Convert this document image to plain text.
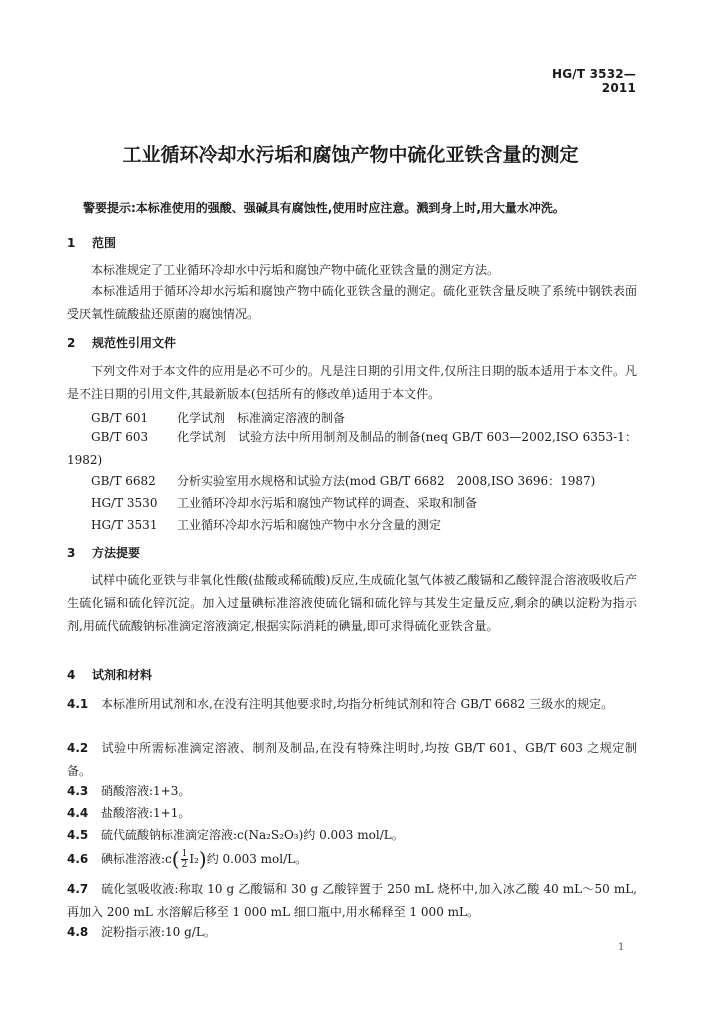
HG/T 3532—2011
工业循环冷却水污垢和腐蚀产物中硫化亚铁含量的测定
警要提示:本标准使用的强酸、强碱具有腐蚀性,使用时应注意。溅到身上时,用大量水冲洗。
1 范围
本标准规定了工业循环冷却水中污垢和腐蚀产物中硫化亚铁含量的测定方法。
本标准适用于循环冷却水污垢和腐蚀产物中硫化亚铁含量的测定。硫化亚铁含量反映了系统中钢铁表面受厌氧性硫酸盐还原菌的腐蚀情况。
2 规范性引用文件
下列文件对于本文件的应用是必不可少的。凡是注日期的引用文件,仅所注日期的版本适用于本文件。凡是不注日期的引用文件,其最新版本(包括所有的修改单)适用于本文件。
GB/T 601 化学试剂　标准滴定溶液的制备
GB/T 603 化学试剂　试验方法中所用制剂及制品的制备(neq GB/T 603—2002,ISO 6353-1：1982)
GB/T 6682 分析实验室用水规格和试验方法(mod GB/T 6682　2008,ISO 3696：1987)
HG/T 3530 工业循环冷却水污垢和腐蚀产物试样的调查、采取和制备
HG/T 3531 工业循环冷却水污垢和腐蚀产物中水分含量的测定
3 方法提要
试样中硫化亚铁与非氧化性酸(盐酸或稀硫酸)反应,生成硫化氢气体被乙酸镉和乙酸锌混合溶液吸收后产生硫化镉和硫化锌沉淀。加入过量碘标准溶液使硫化镉和硫化锌与其发生定量反应,剩余的碘以淀粉为指示剂,用硫代硫酸钠标准滴定溶液滴定,根据实际消耗的碘量,即可求得硫化亚铁含量。
4 试剂和材料
4.1 本标准所用试剂和水,在没有注明其他要求时,均指分析纯试剂和符合 GB/T 6682 三级水的规定。
4.2 试验中所需标准滴定溶液、制剂及制品,在没有特殊注明时,均按 GB/T 601、GB/T 603 之规定制备。
4.3 硝酸溶液:1+3。
4.4 盐酸溶液:1+1。
4.5 硫代硫酸钠标准滴定溶液:c(Na₂S₂O₃)约 0.003 mol/L。
4.6 碘标准溶液:c( $\frac{1}{2} I_2$)约 0.003 mol/L。
4.7 硫化氢吸收液:称取 10 g 乙酸镉和 30 g 乙酸锌置于 250 mL 烧杯中,加入冰乙酸 40 mL～50 mL,再加入 200 mL 水溶解后移至 1 000 mL 细口瓶中,用水稀释至 1 000 mL。
4.8 淀粉指示液:10 g/L。
1
